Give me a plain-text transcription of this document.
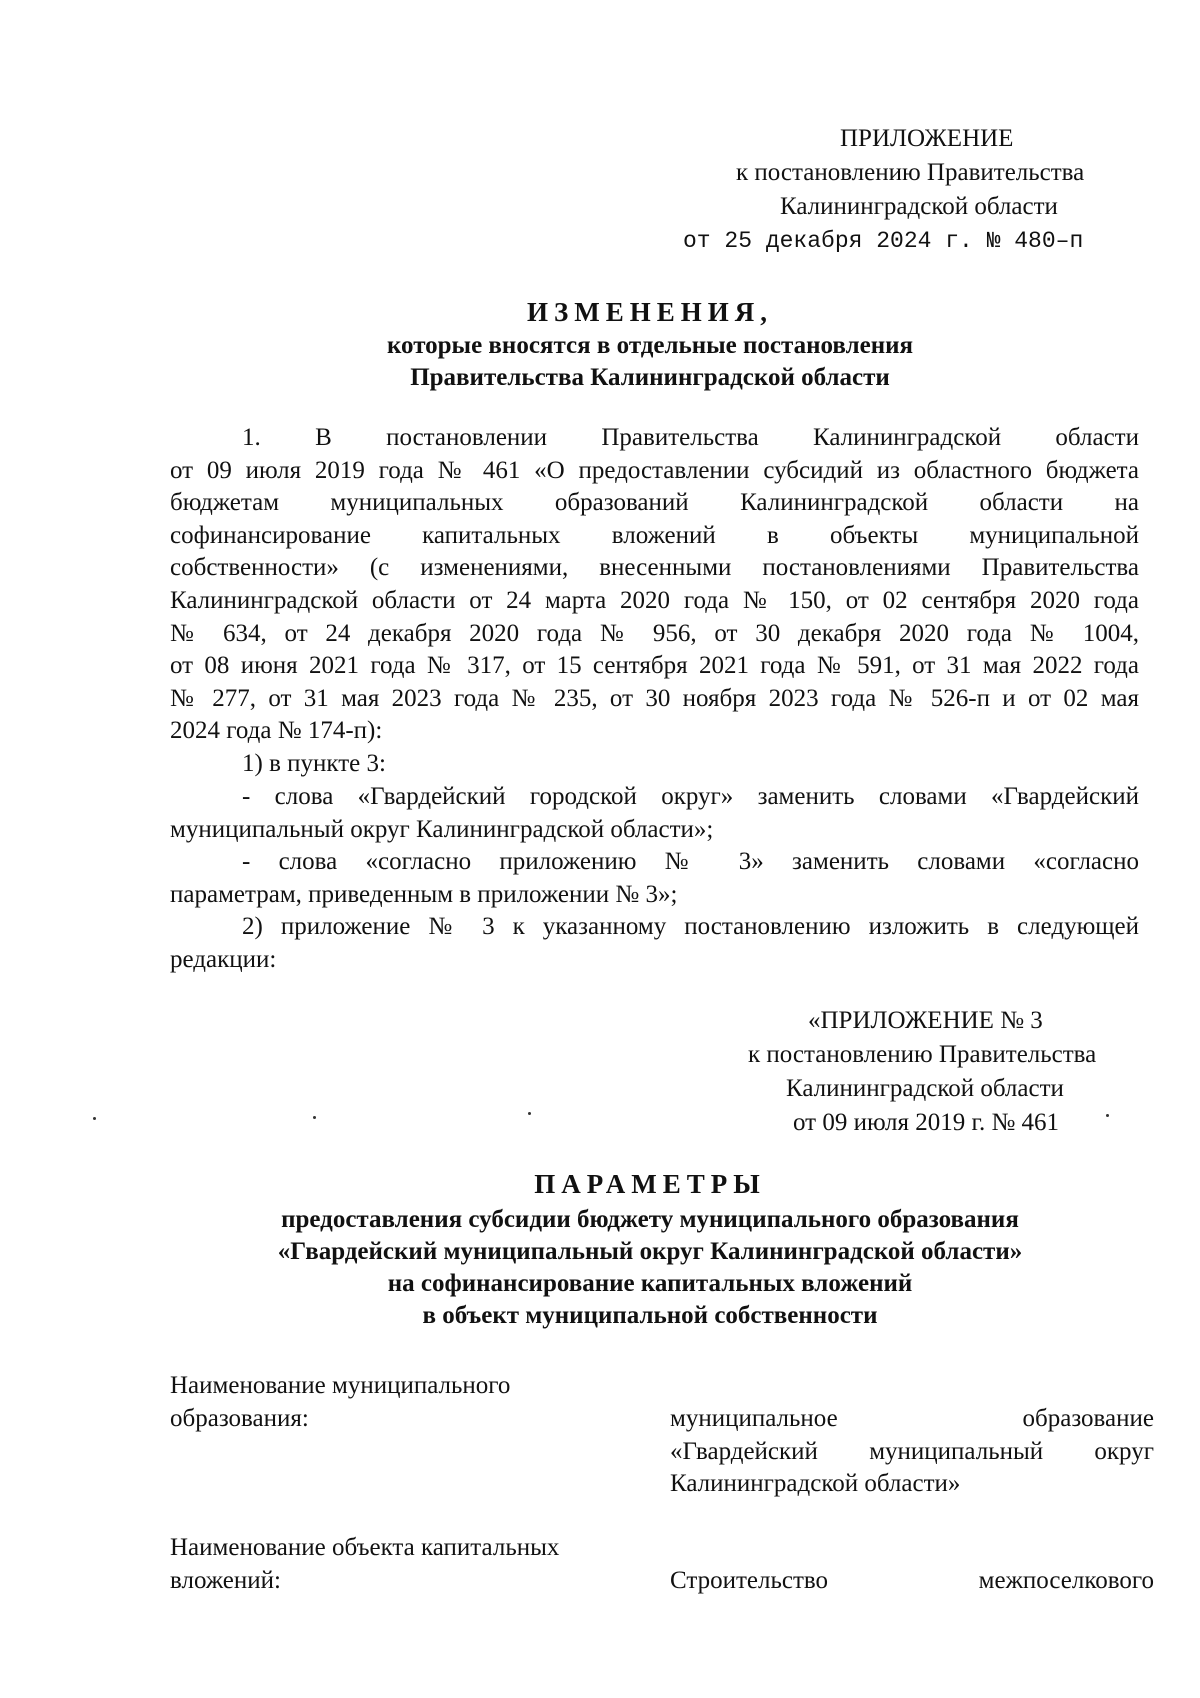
ПРИЛОЖЕНИЕ
к постановлению Правительства
Калининградской области
от 25 декабря 2024 г. № 480–п
ИЗМЕНЕНИЯ,
которые вносятся в отдельные постановления
Правительства Калининградской области
1. В постановлении Правительства Калининградской области
от 09 июля 2019 года № 461 «О предоставлении субсидий из областного бюджета
бюджетам муниципальных образований Калининградской области на
софинансирование капитальных вложений в объекты муниципальной
собственности» (с изменениями, внесенными постановлениями Правительства
Калининградской области от 24 марта 2020 года № 150, от 02 сентября 2020 года
№ 634, от 24 декабря 2020 года № 956, от 30 декабря 2020 года № 1004,
от 08 июня 2021 года № 317, от 15 сентября 2021 года № 591, от 31 мая 2022 года
№ 277, от 31 мая 2023 года № 235, от 30 ноября 2023 года № 526-п и от 02 мая
2024 года № 174-п):
1) в пункте 3:
- слова «Гвардейский городской округ» заменить словами «Гвардейский
муниципальный округ Калининградской области»;
- слова «согласно приложению № 3» заменить словами «согласно
параметрам, приведенным в приложении № 3»;
2) приложение № 3 к указанному постановлению изложить в следующей
редакции:
«ПРИЛОЖЕНИЕ № 3
к постановлению Правительства
Калининградской области
от 09 июля 2019 г. № 461
ПАРАМЕТРЫ
предоставления субсидии бюджету муниципального образования
«Гвардейский муниципальный округ Калининградской области»
на софинансирование капитальных вложений
в объект муниципальной собственности
Наименование муниципального
образования:	муниципальное образование
«Гвардейский муниципальный округ
Калининградской области»
Наименование объекта капитальных
вложений:	Строительство межпоселкового
